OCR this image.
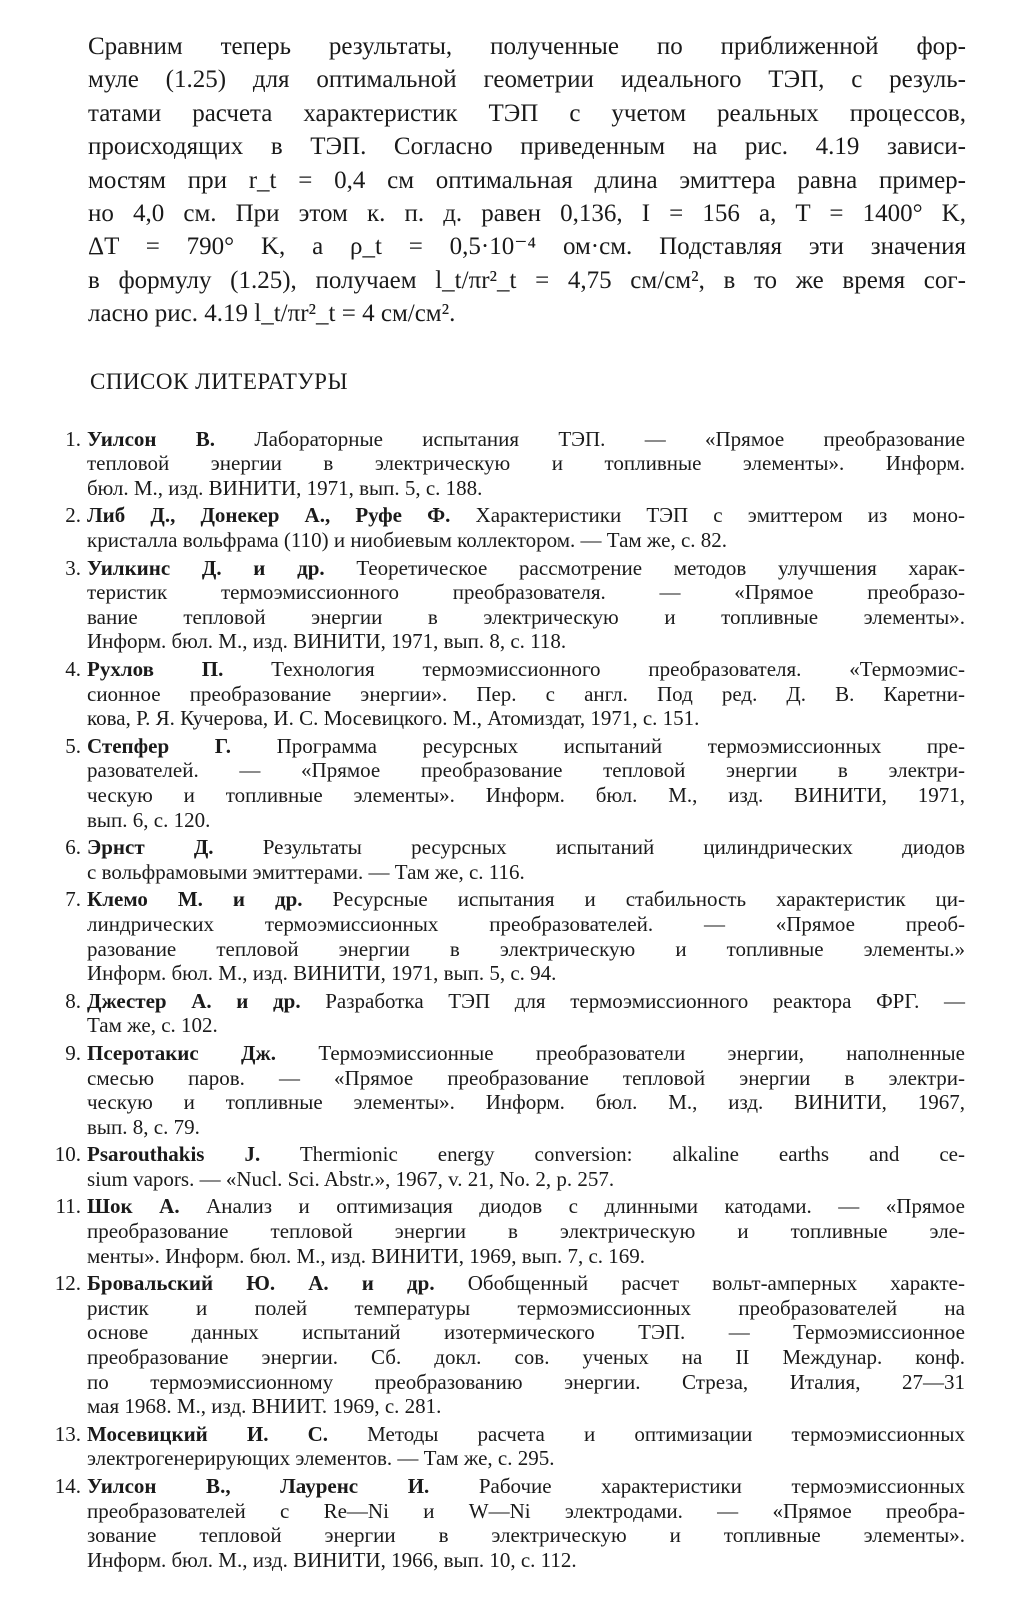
Сравним теперь результаты, полученные по приближенной фор-
муле (1.25) для оптимальной геометрии идеального ТЭП, с резуль-
татами расчета характеристик ТЭП с учетом реальных процессов,
происходящих в ТЭП. Согласно приведенным на рис. 4.19 зависи-
мостям при r_t = 0,4 см оптимальная длина эмиттера равна пример-
но 4,0 см. При этом к. п. д. равен 0,136, I = 156 а, T = 1400° K,
ΔT = 790° K, а ρ_t = 0,5·10⁻⁴ ом·см. Подставляя эти значения
в формулу (1.25), получаем l_t/πr²_t = 4,75 см/см², в то же время сог-
ласно рис. 4.19 l_t/πr²_t = 4 см/см².
СПИСОК ЛИТЕРАТУРЫ
1. Уилсон В. Лабораторные испытания ТЭП. — «Прямое преобразование
тепловой энергии в электрическую и топливные элементы». Информ.
бюл. М., изд. ВИНИТИ, 1971, вып. 5, с. 188.
2. Либ Д., Донекер А., Руфе Ф. Характеристики ТЭП с эмиттером из моно-
кристалла вольфрама (110) и ниобиевым коллектором. — Там же, с. 82.
3. Уилкинс Д. и др. Теоретическое рассмотрение методов улучшения харак-
теристик термоэмиссионного преобразователя. — «Прямое преобразо-
вание тепловой энергии в электрическую и топливные элементы».
Информ. бюл. М., изд. ВИНИТИ, 1971, вып. 8, с. 118.
4. Рухлов П. Технология термоэмиссионного преобразователя. «Термоэмис-
сионное преобразование энергии». Пер. с англ. Под ред. Д. В. Каретни-
кова, Р. Я. Кучерова, И. С. Мосевицкого. М., Атомиздат, 1971, с. 151.
5. Степфер Г. Программа ресурсных испытаний термоэмиссионных пре-
разователей. — «Прямое преобразование тепловой энергии в электри-
ческую и топливные элементы». Информ. бюл. М., изд. ВИНИТИ, 1971,
вып. 6, с. 120.
6. Эрнст Д. Результаты ресурсных испытаний цилиндрических диодов
с вольфрамовыми эмиттерами. — Там же, с. 116.
7. Клемо М. и др. Ресурсные испытания и стабильность характеристик ци-
линдрических термоэмиссионных преобразователей. — «Прямое преоб-
разование тепловой энергии в электрическую и топливные элементы.»
Информ. бюл. М., изд. ВИНИТИ, 1971, вып. 5, с. 94.
8. Джестер А. и др. Разработка ТЭП для термоэмиссионного реактора ФРГ. —
Там же, с. 102.
9. Псеротакис Дж. Термоэмиссионные преобразователи энергии, наполненные
смесью паров. — «Прямое преобразование тепловой энергии в электри-
ческую и топливные элементы». Информ. бюл. М., изд. ВИНИТИ, 1967,
вып. 8, с. 79.
10. Psarouthakis J. Thermionic energy conversion: alkaline earths and ce-
sium vapors. — «Nucl. Sci. Abstr.», 1967, v. 21, No. 2, p. 257.
11. Шок А. Анализ и оптимизация диодов с длинными катодами. — «Прямое
преобразование тепловой энергии в электрическую и топливные эле-
менты». Информ. бюл. М., изд. ВИНИТИ, 1969, вып. 7, с. 169.
12. Бровальский Ю. А. и др. Обобщенный расчет вольт-амперных характе-
ристик и полей температуры термоэмиссионных преобразователей на
основе данных испытаний изотермического ТЭП. — Термоэмиссионное
преобразование энергии. Сб. докл. сов. ученых на II Междунар. конф.
по термоэмиссионному преобразованию энергии. Стреза, Италия, 27—31
мая 1968. М., изд. ВНИИТ. 1969, с. 281.
13. Мосевицкий И. С. Методы расчета и оптимизации термоэмиссионных
электрогенерирующих элементов. — Там же, с. 295.
14. Уилсон В., Лауренс И. Рабочие характеристики термоэмиссионных
преобразователей с Re—Ni и W—Ni электродами. — «Прямое преобра-
зование тепловой энергии в электрическую и топливные элементы».
Информ. бюл. М., изд. ВИНИТИ, 1966, вып. 10, с. 112.
